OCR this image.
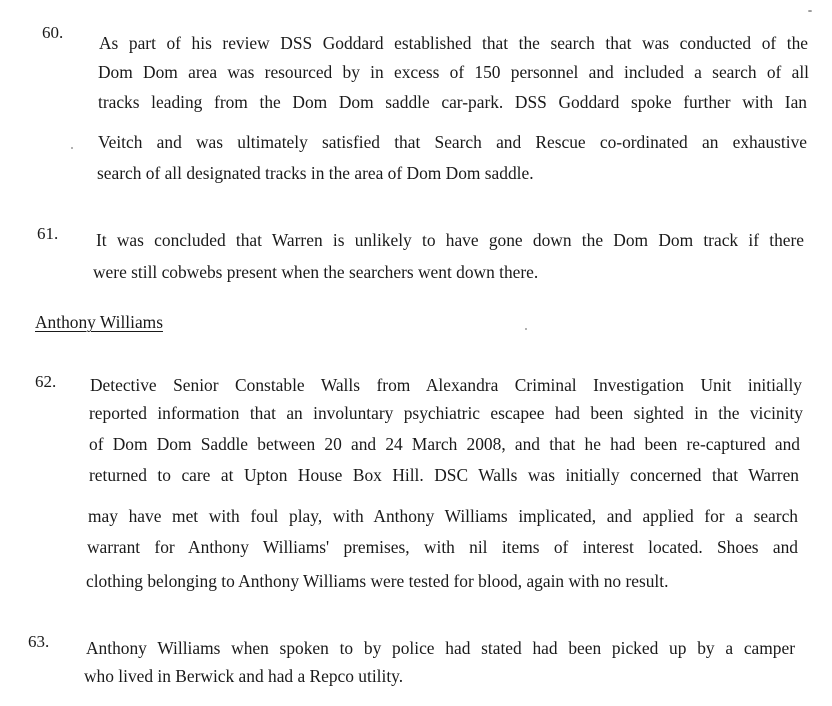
60.
As part of his review DSS Goddard established that the search that was conducted of the
Dom Dom area was resourced by in excess of 150 personnel and included a search of all
tracks leading from the Dom Dom saddle car-park. DSS Goddard spoke further with Ian
Veitch and was ultimately satisfied that Search and Rescue co-ordinated an exhaustive
search of all designated tracks in the area of Dom Dom saddle.
61. It was concluded that Warren is unlikely to have gone down the Dom Dom track if there
were still cobwebs present when the searchers went down there.
Anthony Williams
62. Detective Senior Constable Walls from Alexandra Criminal Investigation Unit initially
reported information that an involuntary psychiatric escapee had been sighted in the vicinity
of Dom Dom Saddle between 20 and 24 March 2008, and that he had been re-captured and
returned to care at Upton House Box Hill. DSC Walls was initially concerned that Warren
may have met with foul play, with Anthony Williams implicated, and applied for a search
warrant for Anthony Williams' premises, with nil items of interest located. Shoes and
clothing belonging to Anthony Williams were tested for blood, again with no result.
63. Anthony Williams when spoken to by police had stated had been picked up by a camper
who lived in Berwick and had a Repco utility.
